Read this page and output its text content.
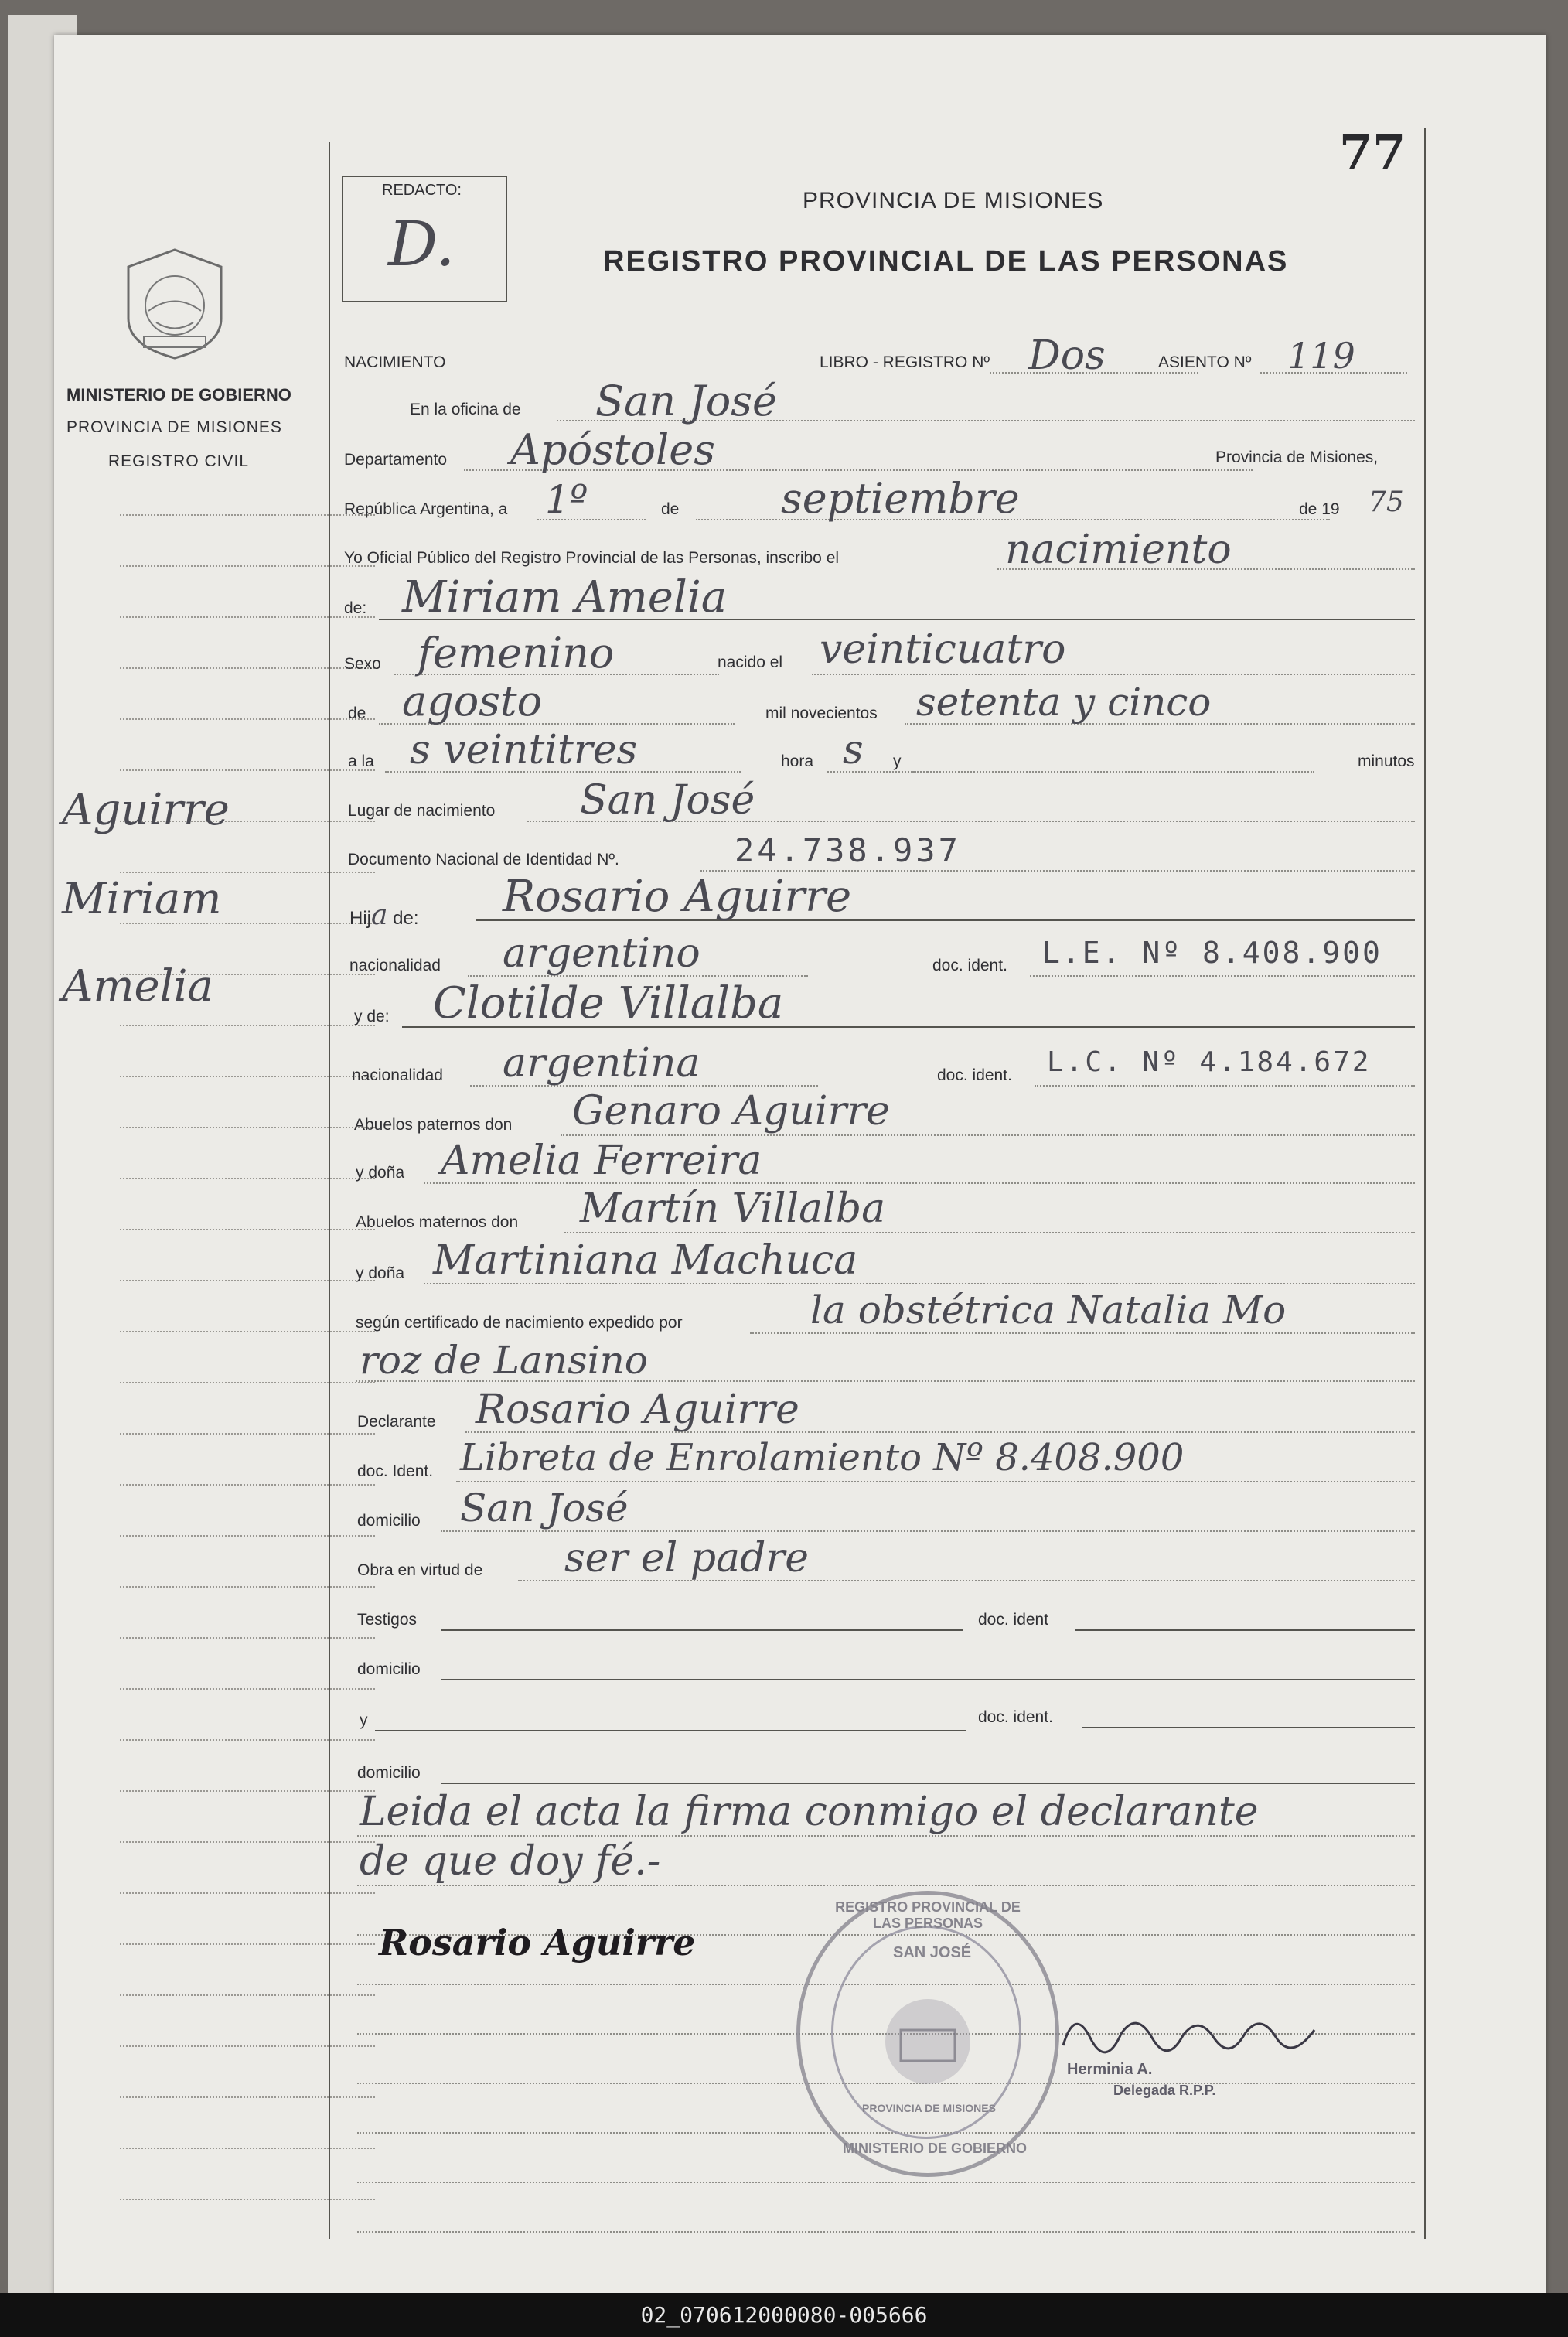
77
REDACTO:
D.
PROVINCIA DE MISIONES
REGISTRO PROVINCIAL DE LAS PERSONAS
MINISTERIO DE GOBIERNO
PROVINCIA DE MISIONES
REGISTRO CIVIL
Aguirre
Miriam
Amelia
NACIMIENTO	LIBRO - REGISTRO Nº Dos	ASIENTO Nº 119
En la oficina de San José
Departamento Apóstoles	Provincia de Misiones,
República Argentina, a 1º	de septiembre	de 19 75
Yo Oficial Público del Registro Provincial de las Personas, inscribo el	nacimiento
de: Miriam Amelia
Sexo femenino	nacido el veinticuatro
de agosto	mil novecientos setenta y cinco
a la s veintitres	hora s y	minutos
Lugar de nacimiento San José
Documento Nacional de Identidad Nº.	24.738.937
Hija de: Rosario Aguirre
nacionalidad argentino	doc. ident. L.E. Nº 8.408.900
y de: Clotilde Villalba
nacionalidad argentina	doc. ident. L.C. Nº 4.184.672
Abuelos paternos don Genaro Aguirre
y doña Amelia Ferreira
Abuelos maternos don Martín Villalba
y doña Martiniana Machuca
según certificado de nacimiento expedido por	la obstétrica Natalia Mo
roz de Lansino
Declarante Rosario Aguirre
doc. Ident. Libreta de Enrolamiento Nº 8.408.900
domicilio San José
Obra en virtud de ser el padre
Testigos	doc. ident
domicilio
y	doc. ident.
domicilio
Leida el acta la firma conmigo el declarante
de que doy fé.-
Rosario Aguirre
REGISTRO PROVINCIAL DE LAS PERSONAS
SAN JOSÉ
PROVINCIA DE MISIONES
MINISTERIO DE GOBIERNO
Herminia A.
Delegada R.P.P.
02_070612000080-005666
